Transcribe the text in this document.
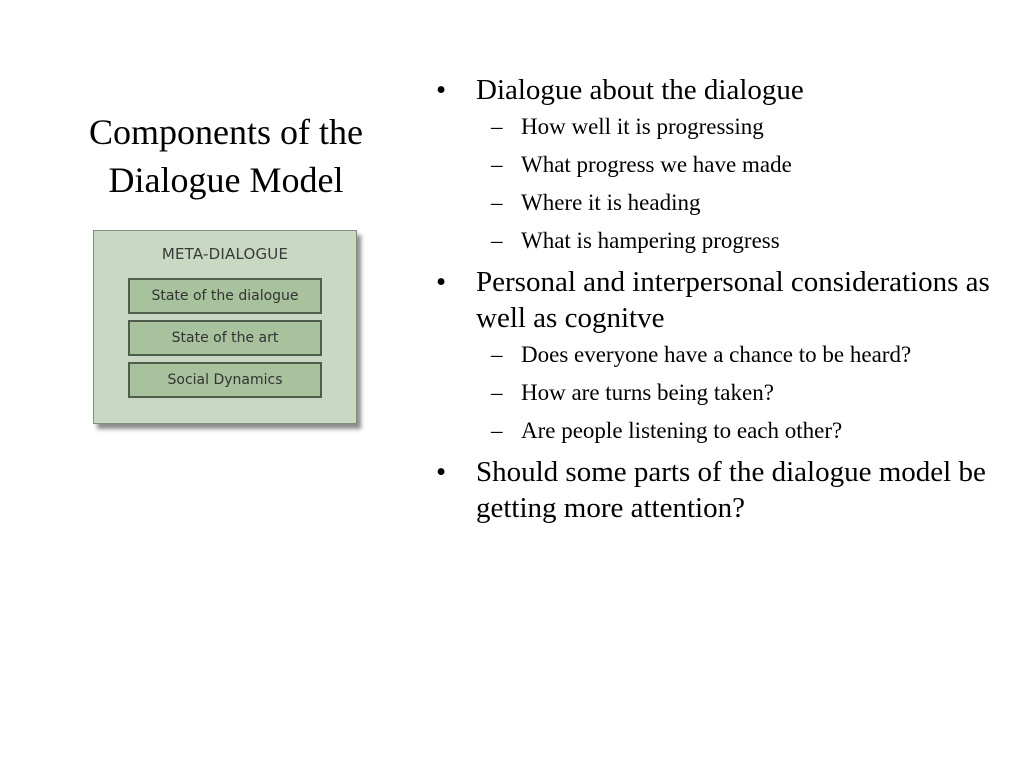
Components of the Dialogue Model
META-DIALOGUE
State of the dialogue
State of the art
Social Dynamics
• Dialogue about the dialogue
– How well it is progressing
– What progress we have made
– Where it is heading
– What is hampering progress
• Personal and interpersonal considerations as well as cognitve
– Does everyone have a chance to be heard?
– How are turns being taken?
– Are people listening to each other?
• Should some parts of the dialogue model be getting more attention?
